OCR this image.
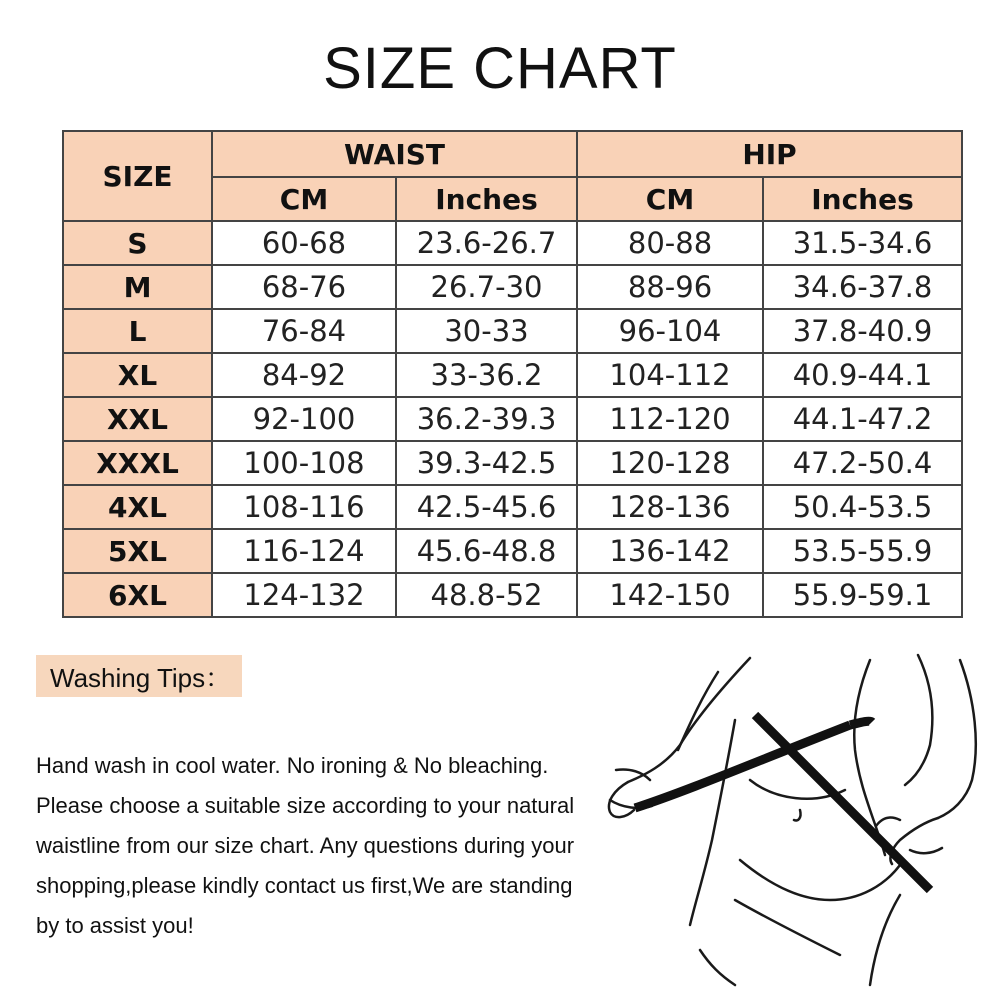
SIZE CHART
SIZE	WAIST		HIP	
	CM	Inches	CM	Inches
S	60-68	23.6-26.7	80-88	31.5-34.6
M	68-76	26.7-30	88-96	34.6-37.8
L	76-84	30-33	96-104	37.8-40.9
XL	84-92	33-36.2	104-112	40.9-44.1
XXL	92-100	36.2-39.3	112-120	44.1-47.2
XXXL	100-108	39.3-42.5	120-128	47.2-50.4
4XL	108-116	42.5-45.6	128-136	50.4-53.5
5XL	116-124	45.6-48.8	136-142	53.5-55.9
6XL	124-132	48.8-52	142-150	55.9-59.1
Washing Tips：

Hand wash in cool water. No ironing & No bleaching.

Please choose a suitable size according to your natural

waistline from our size chart. Any questions during your

shopping,please kindly contact us first,We are standing

by to assist you!
